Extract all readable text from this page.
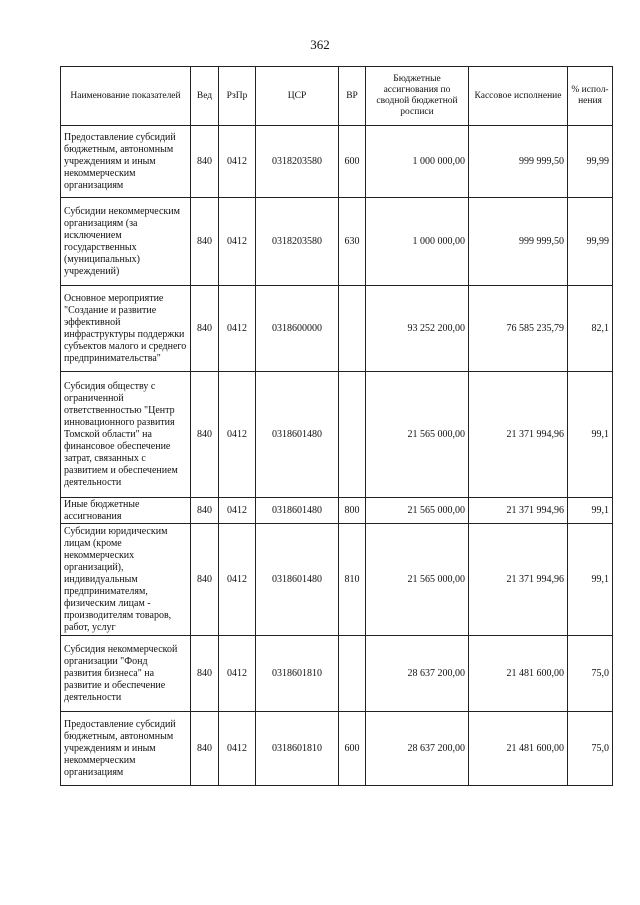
362
Наименование показателей	Вед	РзПр	ЦСР	ВР	Бюджетные ассигнования по сводной бюджетной росписи	Кассовое исполнение	% испол-нения
Предоставление субсидий бюджетным, автономным учреждениям и иным некоммерческим организациям	840	0412	0318203580	600	1 000 000,00	999 999,50	99,99
Субсидии некоммерческим организациям (за исключением государственных (муниципальных) учреждений)	840	0412	0318203580	630	1 000 000,00	999 999,50	99,99
Основное мероприятие "Создание и развитие эффективной инфраструктуры поддержки субъектов малого и среднего предпринимательства"	840	0412	0318600000		93 252 200,00	76 585 235,79	82,1
Субсидия обществу с ограниченной ответственностью "Центр инновационного развития Томской области" на финансовое обеспечение затрат, связанных с развитием и обеспечением деятельности	840	0412	0318601480		21 565 000,00	21 371 994,96	99,1
Иные бюджетные ассигнования	840	0412	0318601480	800	21 565 000,00	21 371 994,96	99,1
Субсидии юридическим лицам (кроме некоммерческих организаций), индивидуальным предпринимателям, физическим лицам - производителям товаров, работ, услуг	840	0412	0318601480	810	21 565 000,00	21 371 994,96	99,1
Субсидия некоммерческой организации "Фонд развития бизнеса" на развитие и обеспечение деятельности	840	0412	0318601810		28 637 200,00	21 481 600,00	75,0
Предоставление субсидий бюджетным, автономным учреждениям и иным некоммерческим организациям	840	0412	0318601810	600	28 637 200,00	21 481 600,00	75,0
